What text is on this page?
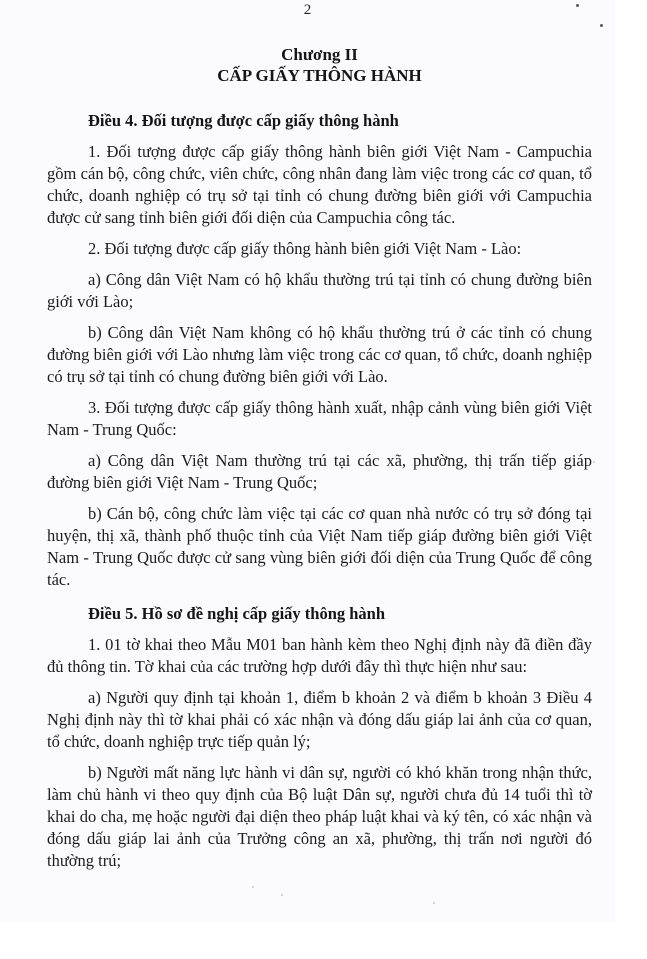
2
Chương II
CẤP GIẤY THÔNG HÀNH
Điều 4. Đối tượng được cấp giấy thông hành

1. Đối tượng được cấp giấy thông hành biên giới Việt Nam - Campuchia gồm cán bộ, công chức, viên chức, công nhân đang làm việc trong các cơ quan, tổ chức, doanh nghiệp có trụ sở tại tỉnh có chung đường biên giới với Campuchia được cử sang tỉnh biên giới đối diện của Campuchia công tác.

2. Đối tượng được cấp giấy thông hành biên giới Việt Nam - Lào:

a) Công dân Việt Nam có hộ khẩu thường trú tại tỉnh có chung đường biên giới với Lào;

b) Công dân Việt Nam không có hộ khẩu thường trú ở các tỉnh có chung đường biên giới với Lào nhưng làm việc trong các cơ quan, tổ chức, doanh nghiệp có trụ sở tại tỉnh có chung đường biên giới với Lào.

3. Đối tượng được cấp giấy thông hành xuất, nhập cảnh vùng biên giới Việt Nam - Trung Quốc:

a) Công dân Việt Nam thường trú tại các xã, phường, thị trấn tiếp giáp đường biên giới Việt Nam - Trung Quốc;

b) Cán bộ, công chức làm việc tại các cơ quan nhà nước có trụ sở đóng tại huyện, thị xã, thành phố thuộc tỉnh của Việt Nam tiếp giáp đường biên giới Việt Nam - Trung Quốc được cử sang vùng biên giới đối diện của Trung Quốc để công tác.

Điều 5. Hồ sơ đề nghị cấp giấy thông hành

1. 01 tờ khai theo Mẫu M01 ban hành kèm theo Nghị định này đã điền đầy đủ thông tin. Tờ khai của các trường hợp dưới đây thì thực hiện như sau:

a) Người quy định tại khoản 1, điểm b khoản 2 và điểm b khoản 3 Điều 4 Nghị định này thì tờ khai phải có xác nhận và đóng dấu giáp lai ảnh của cơ quan, tổ chức, doanh nghiệp trực tiếp quản lý;

b) Người mất năng lực hành vi dân sự, người có khó khăn trong nhận thức, làm chủ hành vi theo quy định của Bộ luật Dân sự, người chưa đủ 14 tuổi thì tờ khai do cha, mẹ hoặc người đại diện theo pháp luật khai và ký tên, có xác nhận và đóng dấu giáp lai ảnh của Trưởng công an xã, phường, thị trấn nơi người đó thường trú;
